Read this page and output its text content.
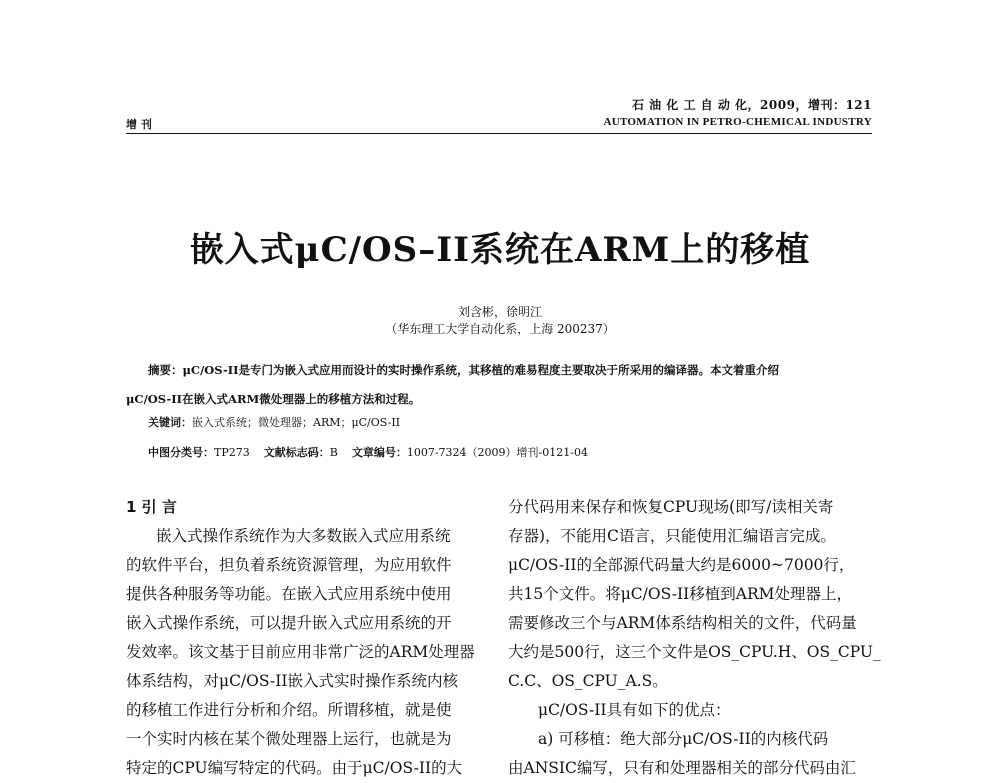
石 油 化 工 自 动 化，2009，增刊：121
AUTOMATION IN PETRO-CHEMICAL INDUSTRY
增 刊
嵌入式μC/OS–II系统在ARM上的移植
刘含彬，徐明江
（华东理工大学自动化系，上海 200237）
摘要：μC/OS-II是专门为嵌入式应用而设计的实时操作系统，其移植的难易程度主要取决于所采用的编译器。本文着重介绍
μC/OS-II在嵌入式ARM微处理器上的移植方法和过程。
关键词：嵌入式系统；微处理器；ARM；μC/OS-II
中图分类号：TP273 文献标志码：B 文章编号：1007-7324（2009）增刊-0121-04

1 引 言

嵌入式操作系统作为大多数嵌入式应用系统

的软件平台，担负着系统资源管理，为应用软件

提供各种服务等功能。在嵌入式应用系统中使用

嵌入式操作系统，可以提升嵌入式应用系统的开

发效率。该文基于目前应用非常广泛的ARM处理器

体系结构，对μC/OS-II嵌入式实时操作系统内核

的移植工作进行分析和介绍。所谓移植，就是使

一个实时内核在某个微处理器上运行，也就是为

特定的CPU编写特定的代码。由于μC/OS-II的大

分代码用来保存和恢复CPU现场(即写/读相关寄

存器)，不能用C语言，只能使用汇编语言完成。

μC/OS-II的全部源代码量大约是6000~7000行，

共15个文件。将μC/OS-II移植到ARM处理器上，

需要修改三个与ARM体系结构相关的文件，代码量

大约是500行，这三个文件是OS_CPU.H、OS_CPU_

C.C、OS_CPU_A.S。

μC/OS-II具有如下的优点：

a) 可移植：绝大部分μC/OS-II的内核代码

由ANSIC编写，只有和处理器相关的部分代码由汇
